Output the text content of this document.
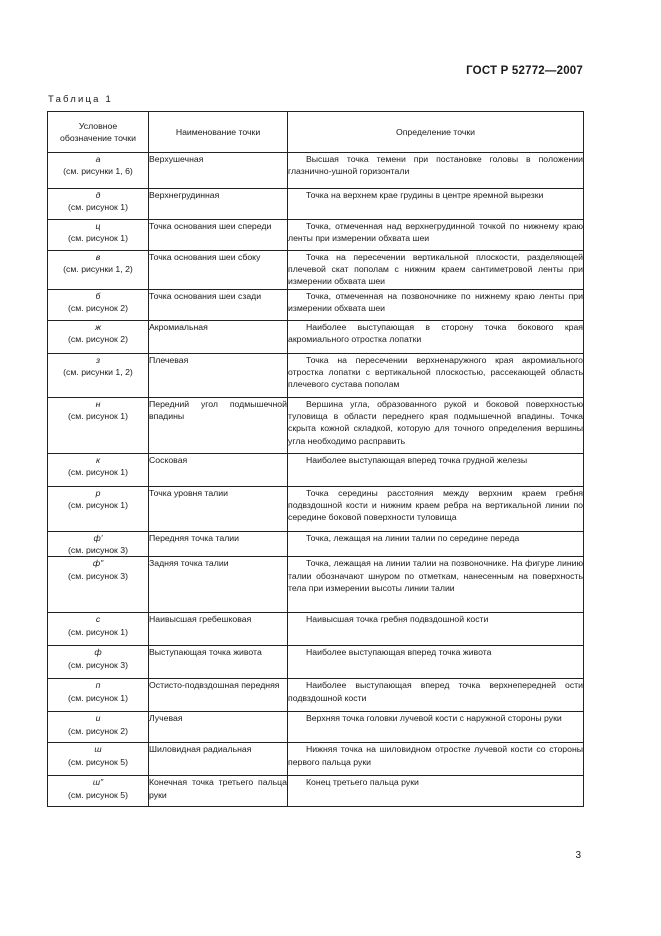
ГОСТ Р 52772—2007
Таблица 1
Условное обозначение точки	Наименование точки	Определение точки

а
(см. рисунки 1, 6)	Верхушечная	Высшая точка темени при постановке головы в положении глазнично-ушной горизонтали

д
(см. рисунок 1)	Верхнегрудинная	Точка на верхнем крае грудины в центре яремной вырезки

ц
(см. рисунок 1)	Точка основания шеи спереди	Точка, отмеченная над верхнегрудинной точкой по нижнему краю ленты при измерении обхвата шеи

в
(см. рисунки 1, 2)	Точка основания шеи сбоку	Точка на пересечении вертикальной плоскости, разделяющей плечевой скат пополам с нижним краем сантиметровой ленты при измерении обхвата шеи

б
(см. рисунок 2)	Точка основания шеи сзади	Точка, отмеченная на позвоночнике по нижнему краю ленты при измерении обхвата шеи

ж
(см. рисунок 2)	Акромиальная	Наиболее выступающая в сторону точка бокового края акромиального отростка лопатки

з
(см. рисунки 1, 2)	Плечевая	Точка на пересечении верхненаружного края акромиального отростка лопатки с вертикальной плоскостью, рассекающей область плечевого сустава пополам

н
(см. рисунок 1)	Передний угол подмышечной впадины	Вершина угла, образованного рукой и боковой поверхностью туловища в области переднего края подмышечной впадины. Точка скрыта кожной складкой, которую для точного определения вершины угла необходимо расправить

к
(см. рисунок 1)	Сосковая	Наиболее выступающая вперед точка грудной железы

р
(см. рисунок 1)	Точка уровня талии	Точка середины расстояния между верхним краем гребня подвздошной кости и нижним краем ребра на вертикальной линии по середине боковой поверхности туловища

ф'
(см. рисунок 3)	Передняя точка талии	Точка, лежащая на линии талии по середине переда

ф"
(см. рисунок 3)	Задняя точка талии	Точка, лежащая на линии талии на позвоночнике. На фигуре линию талии обозначают шнуром по отметкам, нанесенным на поверхность тела при измерении высоты линии талии

с
(см. рисунок 1)	Наивысшая гребешковая	Наивысшая точка гребня подвздошной кости

ф
(см. рисунок 3)	Выступающая точка живота	Наиболее выступающая вперед точка живота

п
(см. рисунок 1)	Остисто-подвздошная передняя	Наиболее выступающая вперед точка верхнепередней ости подвздошной кости

и
(см. рисунок 2)	Лучевая	Верхняя точка головки лучевой кости с наружной стороны руки

ш
(см. рисунок 5)	Шиловидная радиальная	Нижняя точка на шиловидном отростке лучевой кости со стороны первого пальца руки

ш"
(см. рисунок 5)	Конечная точка третьего пальца руки	Конец третьего пальца руки
3
